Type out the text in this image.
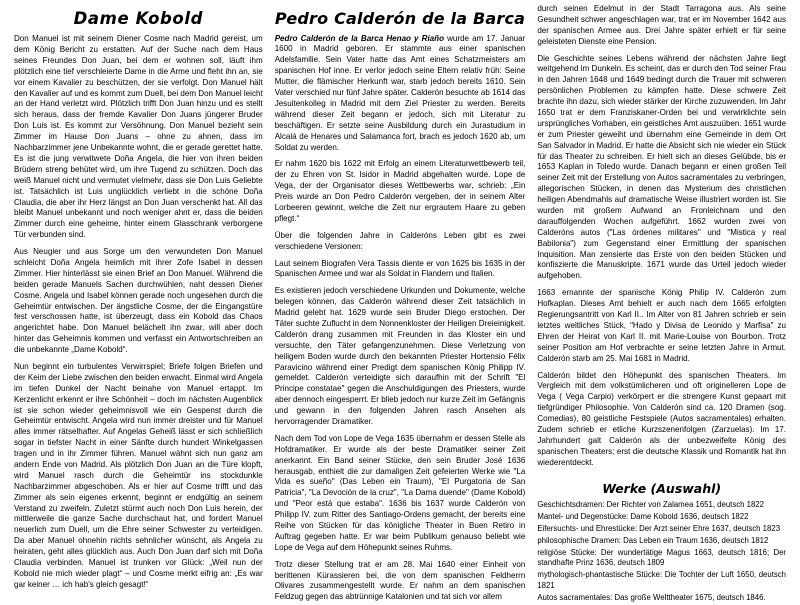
Dame Kobold

Don Manuel ist mit seinem Diener Cosme nach Madrid gereist, um dem König Bericht zu erstatten. Auf der Suche nach dem Haus seines Freundes Don Juan, bei dem er wohnen soll, läuft ihm plötzlich eine tief verschleierte Dame in die Arme und fleht ihn an, sie vor einem Kavalier zu beschützen, der sie verfolgt. Don Manuel hält den Kavalier auf und es kommt zum Duell, bei dem Don Manuel leicht an der Hand verletzt wird. Plötzlich trifft Don Juan hinzu und es stellt sich heraus, dass der fremde Kavalier Don Juans jüngerer Bruder Don Luis ist. Es kommt zur Versöhnung. Don Manuel bezieht sein Zimmer im Hause Don Juans – ohne zu ahnen, dass im Nachbarzimmer jene Unbekannte wohnt, die er gerade gerettet hatte. Es ist die jung verwitwete Doña Angela, die hier von ihren beiden Brüdern streng behütet wird, um ihre Tugend zu schützen. Doch das weiß Manuel nicht und vermutet vielmehr, dass sie Don Luis Geliebte ist. Tatsächlich ist Luis unglücklich verliebt in die schöne Doña Claudia, die aber ihr Herz längst an Don Juan verschenkt hat. All das bleibt Manuel unbekannt und noch weniger ahnt er, dass die beiden Zimmer durch eine geheime, hinter einem Glasschrank verborgene Tür verbunden sind.

Aus Neugier und aus Sorge um den verwundeten Don Manuel schleicht Doña Angela heimlich mit ihrer Zofe Isabel in dessen Zimmer. Hier hinterlässt sie einen Brief an Don Manuel. Während die beiden gerade Manuels Sachen durchwühlen, naht dessen Diener Cosme. Angela und Isabel können gerade noch ungesehen durch die Geheimtür entwischen. Der ängstliche Cosme, der die Eingangstüre fest verschossen hatte, ist überzeugt, dass ein Kobold das Chaos angerichtet habe. Don Manuel belächelt ihn zwar, will aber doch hinter das Geheimnis kommen und verfasst ein Antwortschreiben an die unbekannte „Dame Kobold“.

Nun beginnt ein turbulentes Verwirrspiel; Briefe folgen Briefen und der Keim der Liebe zwischen den beiden erwacht. Einmal wird Angela im tiefen Dunkel der Nacht beinahe von Manuel ertappt. Im Kerzenlicht erkennt er ihre Schönheit – doch im nächsten Augenblick ist sie schon wieder geheimnisvoll wie ein Gespenst durch die Geheimtür entwischt. Angela wird nun immer dreister und für Manuel alles immer rätselhafter. Auf Angelas Geheiß lässt er sich schließlich sogar in tiefster Nacht in einer Sänfte durch hundert Winkelgassen tragen und in ihr Zimmer führen. Manuel wähnt sich nun ganz am andern Ende von Madrid. Als plötzlich Don Juan an die Türe klopft, wird Manuel rasch durch die Geheimtür ins stockdunkle Nachbarzimmer abgeschoben. Als er hier auf Cosme trifft und das Zimmer als sein eigenes erkennt, beginnt er endgültig an seinem Verstand zu zweifeln. Zuletzt stürmt auch noch Don Luis herein, der mittlerweile die ganze Sache durchschaut hat, und fordert Manuel neuerlich zum Duell, um die Ehre seiner Schwester zu verteidigen. Da aber Manuel ohnehin nichts sehnlicher wünscht, als Angela zu heiraten, geht alles glücklich aus. Auch Don Juan darf sich mit Doña Claudia verbinden. Manuel ist trunken vor Glück: „Weil nun der Kobold nie mich wieder plagt“ – und Cosme merkt eifrig an: „Es war gar keiner … ich hab's gleich gesagt!“

Pedro Calderón de la Barca

Pedro Calderón de la Barca Henao y Riaño wurde am 17. Januar 1600 in Madrid geboren. Er stammte aus einer spanischen Adelsfamilie. Sein Vater hatte das Amt eines Schatzmeisters am spanischen Hof inne. Er verlor jedoch seine Eltern relativ früh: Seine Mutter, die flämischer Herkunft war, starb jedoch bereits 1610. Sein Vater verschied nur fünf Jahre später. Calderón besuchte ab 1614 das Jesuitenkolleg in Madrid mit dem Ziel Priester zu werden. Bereits während dieser Zeit begann er jedoch, sich mit Literatur zu beschäftigen. Er setzte seine Ausbildung durch ein Jurastudium in Alcalá de Henares und Salamanca fort, brach es jedoch 1620 ab, um Soldat zu werden.

Er nahm 1620 bis 1622 mit Erfolg an einem Literaturwettbewerb teil, der zu Ehren von St. Isidor in Madrid abgehalten wurde. Lope de Vega, der der Organisator dieses Wettbewerbs war, schrieb: „Ein Preis wurde an Don Pedro Calderón vergeben, der in seinem Alter Lorbeeren gewinnt, welche die Zeit nur ergrautem Haare zu geben pflegt.“

Über die folgenden Jahre in Calderóns Leben gibt es zwei verschiedene Versionen:

Laut seinem Biografen Vera Tassis diente er von 1625 bis 1635 in der Spanischen Armee und war als Soldat in Flandern und Italien.

Es existieren jedoch verschiedene Urkunden und Dokumente, welche belegen können, das Calderón während dieser Zeit tatsächlich in Madrid gelebt hat. 1629 wurde sein Bruder Diego erstochen. Der Täter suchte Zuflucht in dem Nonnenkloster der Heiligen Dreieinigkeit. Calderón drang zusammen mit Freunden in das Kloster ein und versuchte, den Täter gefangenzunehmen. Diese Verletzung von heiligem Boden wurde durch den bekannten Priester Hortensio Félix Paravicino während einer Predigt dem spanischen König Philipp IV. gemeldet. Calderón verteidigte sich daraufhin mit der Schrift "El Principe constatae" gegen die Anschuldigungen des Priesters, wurde aber dennoch eingesperrt. Er blieb jedoch nur kurze Zeit im Gefängnis und gewann in den folgenden Jahren rasch Ansehen als hervorragender Dramatiker.

Nach dem Tod von Lope de Vega 1635 übernahm er dessen Stelle als Hofdramatiker. Er wurde als der beste Dramatiker seiner Zeit anerkannt. Ein Band seiner Stücke, den sein Bruder José 1636 herausgab, enthielt die zur damaligen Zeit gefeierten Werke wie "La Vida es sueño" (Das Leben ein Traum), "El Purgatoria de San Patricia", "La Devoción de la cruz", "La Dama duende" (Dame Kobold) und "Peor está que estaba". 1636 bis 1637 wurde Calderón von Philipp IV. zum Ritter des Santiago-Ordens gemacht, der bereits eine Reihe von Stücken für das königliche Theater in Buen Retiro in Auftrag gegeben hatte. Er war beim Publikum genauso beliebt wie Lope de Vega auf dem Höhepunkt seines Ruhms.

Trotz dieser Stellung trat er am 28. Mai 1640 einer Einheit von berittenen Kürassieren bei, die von dem spanischen Feldherrn Olivares zusammengestellt wurde. Er nahm an dem spanischen Feldzug gegen das abtrünnige Katalonien und tat sich vor allem

durch seinen Edelmut in der Stadt Tarragona aus. Als seine Gesundheit schwer angeschlagen war, trat er im November 1642 aus der spanischen Armee aus. Drei Jahre später erhielt er für seine geleisteten Dienste eine Pension.

Die Geschichte seines Lebens während der nächsten Jahre liegt weitgehend im Dunkeln. Es scheint, das er durch den Tod seiner Frau in den Jahren 1648 und 1649 bedingt durch die Trauer mit schweren persönlichen Problemen zu kämpfen hatte. Diese schwere Zeit brachte ihn dazu, sich wieder stärker der Kirche zuzuwenden. Im Jahr 1650 trat er dem Franziskaner-Orden bei und verwirklichte sein ursprüngliches Vorhaben, ein geistliches Amt auszuüben. 1651 wurde er zum Priester geweiht und übernahm eine Gemeinde in dem Ort San Salvador in Madrid. Er hatte die Absicht sich nie wieder ein Stück für das Theater zu schreiben. Er hielt sich an dieses Gelübde, bis er 1653 Kaplan in Toledo wurde. Danach begann er einen großen Teil seiner Zeit mit der Erstellung von Autos sacramentales zu verbringen, allegorischen Stücken, in denen das Mysterium des christlichen heiligen Abendmahls auf dramatische Weise illustriert worden ist. Sie wurden mit großem Aufwand an Fronleichnam und den darauffolgenden Wochen aufgeführt. 1662 wurden zwei von Calderóns autos ("Las órdenes militares" und "Mistica y real Babilonia") zum Gegenstand einer Ermittlung der spanischen Inquisition. Man zensierte das Erste von den beiden Stücken und konfiszierte die Manuskripte. 1671 wurde das Urteil jedoch wieder aufgehoben.

1663 ernannte der spanische König Philip IV. Calderón zum Hofkaplan. Dieses Amt behielt er auch nach dem 1665 erfolgten Regierungsantritt von Karl II.. Im Alter von 81 Jahren schrieb er sein letztes weltliches Stück, "Hado y Divisa de Leonido y Marfisa" zu Ehren der Heirat von Karl II. mit Marie-Louise von Bourbon. Trotz seiner Position am Hof verbrachte er seine letzten Jahre in Armut. Calderón starb am 25. Mai 1681 in Madrid.

Calderón bildet den Höhepunkt des spanischen Theaters. Im Vergleich mit dem volkstümlicheren und oft originelleren Lope de Vega ( Vega Carpio) verkörpert er die strengere Kunst gepaart mit tiefgründiger Philosophie. Von Calderón sind ca. 120 Dramen (sog. Comedias), 80 geistliche Festspiele (Autos sacramentales) erhalten. Zudem schrieb er etliche Kurzszenenfolgen (Zarzuelas). Im 17. Jahrhundert galt Calderón als der unbezweifelte König des spanischen Theaters; erst die deutsche Klassik und Romantik hat ihn wiederentdeckt.

Werke (Auswahl)
Geschichtsdramen: Der Richter von Zalamea 1651, deutsch 1822
Mantel- und Degenstücke: Dame Kobold 1636, deutsch 1822
Eifersuchts- und Ehrestücke: Der Arzt seiner Ehre 1637, deutsch 1823
philosophische Dramen: Das Leben ein Traum 1636, deutsch 1812
religiöse Stücke: Der wundertätige Magus 1663, deutsch 1816; Der standhafte Prinz 1636, deutsch 1809
mythologisch-phantastische Stücke: Die Tochter der Luft 1650, deutsch 1821
Autos sacramentales: Das große Welttheater 1675, deutsch 1846.
